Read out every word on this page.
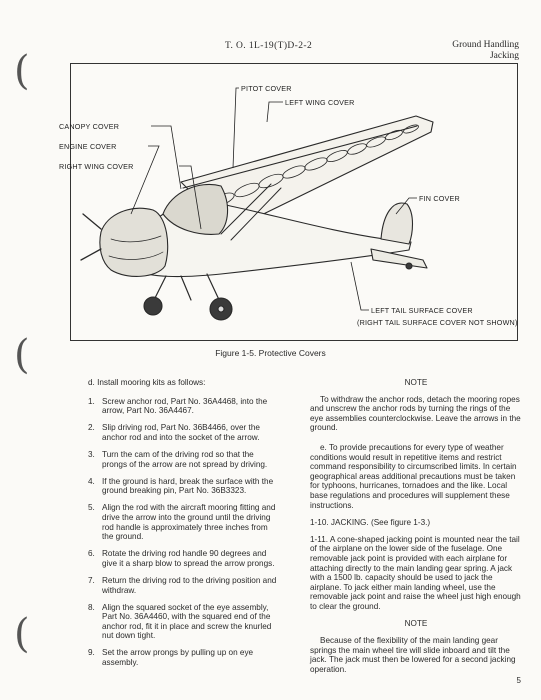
(
(
(
T. O. 1L-19(T)D-2-2	Ground Handling
Jacking
PITOT COVER
LEFT WING COVER
CANOPY COVER
ENGINE COVER
RIGHT WING COVER
FIN COVER
LEFT TAIL SURFACE COVER
(RIGHT TAIL SURFACE COVER NOT SHOWN)
Figure 1-5. Protective Covers
d. Install mooring kits as follows:
1. Screw anchor rod, Part No. 36A4468, into the arrow, Part No. 36A4467.
2. Slip driving rod, Part No. 36B4466, over the anchor rod and into the socket of the arrow.
3. Turn the cam of the driving rod so that the prongs of the arrow are not spread by driving.
4. If the ground is hard, break the surface with the ground breaking pin, Part No. 36B3323.
5. Align the rod with the aircraft mooring fitting and drive the arrow into the ground until the driving rod handle is approximately three inches from the ground.
6. Rotate the driving rod handle 90 degrees and give it a sharp blow to spread the arrow prongs.
7. Return the driving rod to the driving position and withdraw.
8. Align the squared socket of the eye assembly, Part No. 36A4460, with the squared end of the anchor rod, fit it in place and screw the knurled nut down tight.
9. Set the arrow prongs by pulling up on eye assembly.
NOTE
To withdraw the anchor rods, detach the mooring ropes and unscrew the anchor rods by turning the rings of the eye assemblies counterclockwise. Leave the arrows in the ground.
e. To provide precautions for every type of weather conditions would result in repetitive items and restrict command responsibility to circumscribed limits. In certain geographical areas additional precautions must be taken for typhoons, hurricanes, tornadoes and the like. Local base regulations and procedures will supplement these instructions.
1-10. JACKING. (See figure 1-3.)
1-11. A cone-shaped jacking point is mounted near the tail of the airplane on the lower side of the fuselage. One removable jack point is provided with each airplane for attaching directly to the main landing gear spring. A jack with a 1500 lb. capacity should be used to jack the airplane. To jack either main landing wheel, use the removable jack point and raise the wheel just high enough to clear the ground.
NOTE
Because of the flexibility of the main landing gear springs the main wheel tire will slide inboard and tilt the jack. The jack must then be lowered for a second jacking operation.
5
